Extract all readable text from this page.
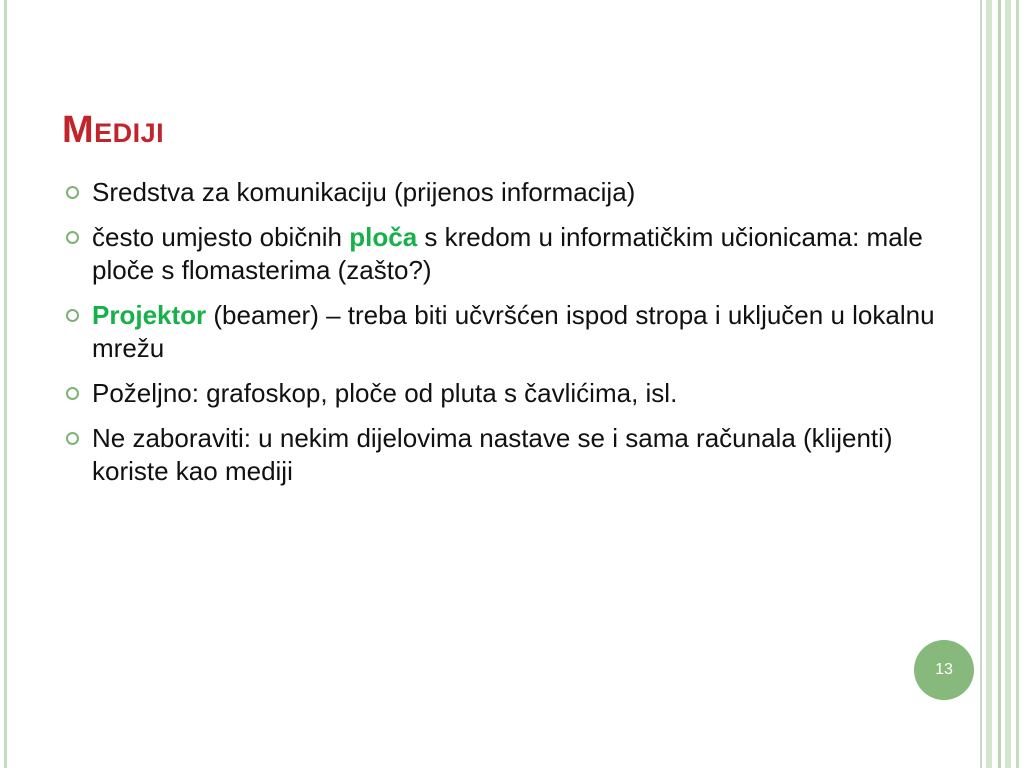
Mediji
Sredstva za komunikaciju (prijenos informacija)
često umjesto običnih ploča s kredom u informatičkim učionicama: male ploče s flomasterima (zašto?)
Projektor (beamer) – treba biti učvršćen ispod stropa i uključen u lokalnu mrežu
Poželjno: grafoskop, ploče od pluta s čavlićima, isl.
Ne zaboraviti: u nekim dijelovima nastave se i sama računala (klijenti) koriste kao mediji
13
